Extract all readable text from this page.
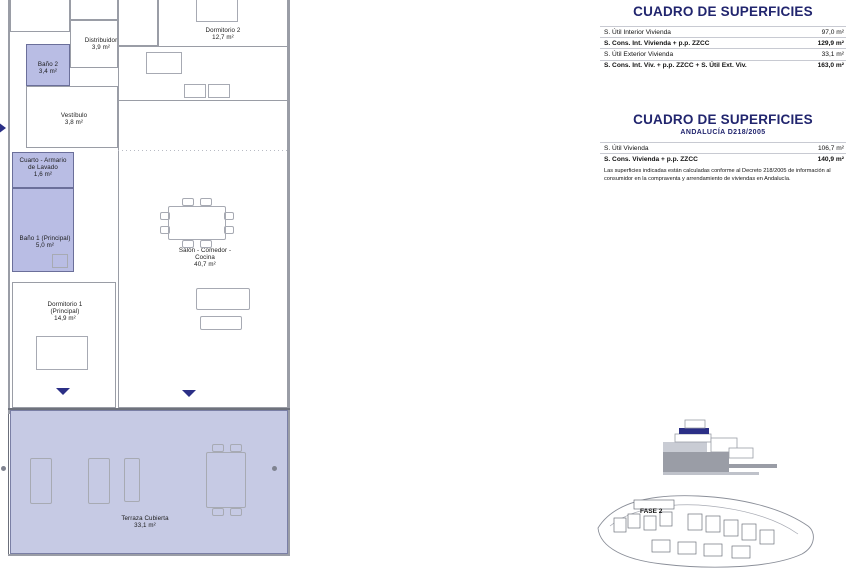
Dormitorio 2
12,7 m²
Distribuidor
3,9 m²
Baño 2
3,4 m²
Vestíbulo
3,8 m²
Cuarto - Armario
de Lavado
1,6 m²
Baño 1 (Principal)
5,0 m²
Dormitorio 1
(Principal)
14,9 m²
Salón - Comedor -
Cocina
40,7 m²
Terraza Cubierta
33,1 m²
CUADRO DE SUPERFICIES
S. Útil Interior Vivienda	97,0 m²
S. Cons. Int. Vivienda + p.p. ZZCC	129,9 m²
S. Útil Exterior Vivienda	33,1 m²
S. Cons. Int. Viv. + p.p. ZZCC + S. Útil Ext. Viv.	163,0 m²
CUADRO DE SUPERFICIES
ANDALUCÍA D218/2005
S. Útil Vivienda	106,7 m²
S. Cons. Vivienda + p.p. ZZCC	140,9 m²
Las superficies indicadas están calculadas conforme al Decreto 218/2005 de información al consumidor en la compraventa y arrendamiento de viviendas en Andalucía.
FASE 2
